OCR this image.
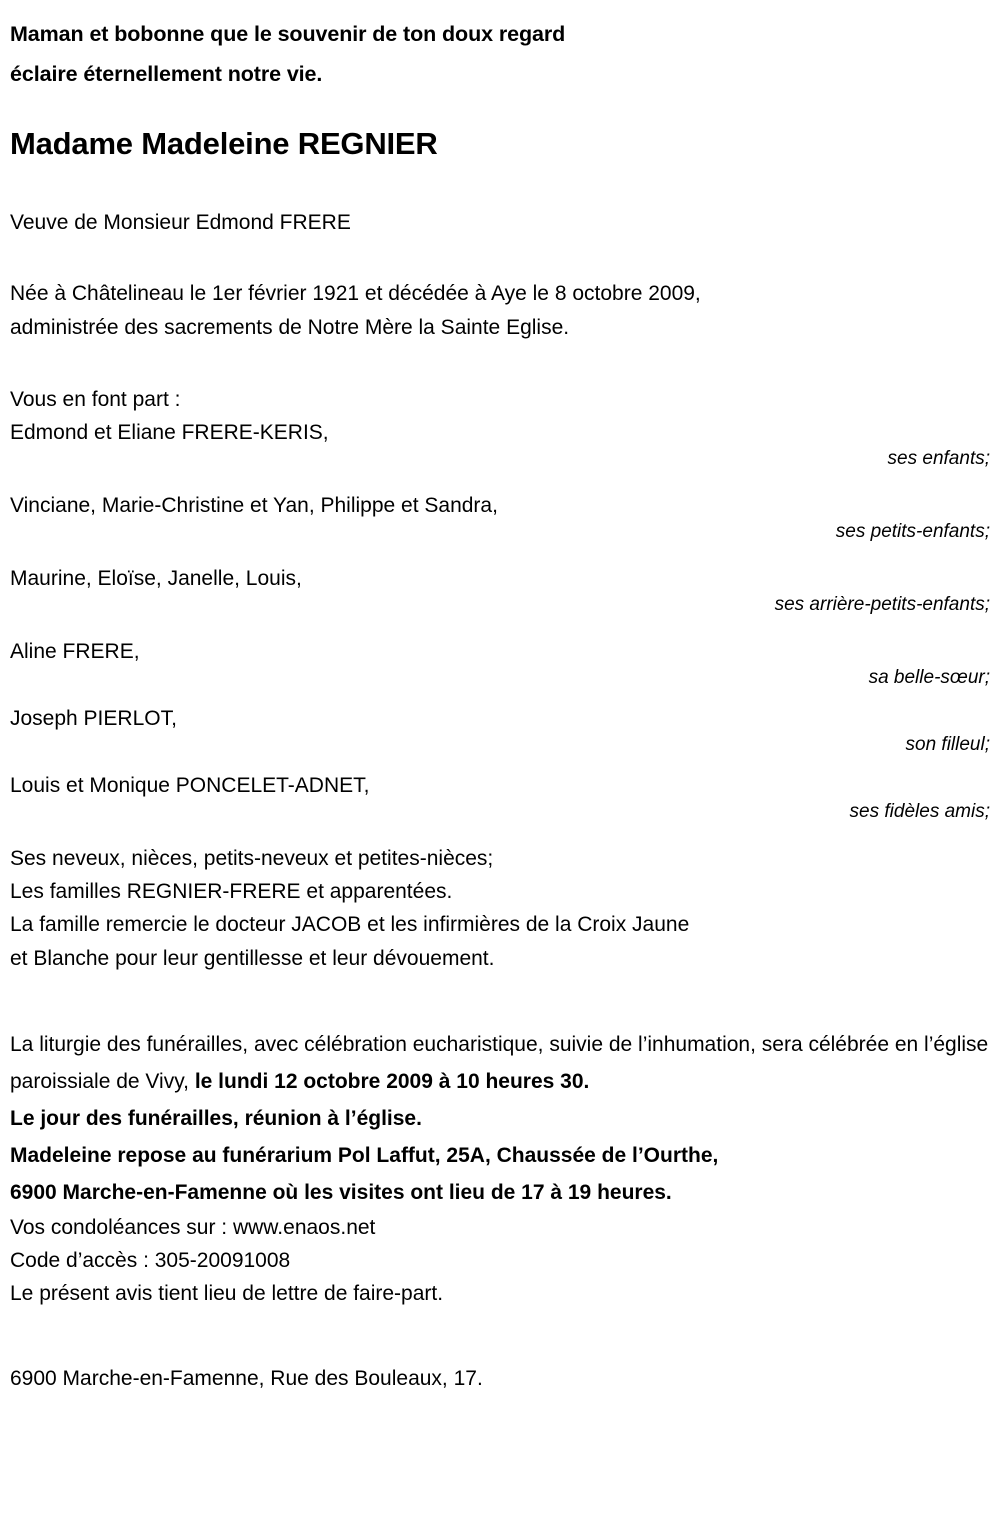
Maman et bobonne que le souvenir de ton doux regard
éclaire éternellement notre vie.
Madame Madeleine REGNIER
Veuve de Monsieur Edmond FRERE
Née à Châtelineau le 1er février 1921 et décédée à Aye le 8 octobre 2009,
administrée des sacrements de Notre Mère la Sainte Eglise.
Vous en font part :
Edmond et Eliane FRERE-KERIS,
ses enfants;
Vinciane, Marie-Christine et Yan, Philippe et Sandra,
ses petits-enfants;
Maurine, Eloïse, Janelle, Louis,
ses arrière-petits-enfants;
Aline FRERE,
sa belle-sœur;
Joseph PIERLOT,
son filleul;
Louis et Monique PONCELET-ADNET,
ses fidèles amis;
Ses neveux, nièces, petits-neveux et petites-nièces;
Les familles REGNIER-FRERE et apparentées.
La famille remercie le docteur JACOB et les infirmières de la Croix Jaune
et Blanche pour leur gentillesse et leur dévouement.
La liturgie des funérailles, avec célébration eucharistique, suivie de l’inhumation, sera célébrée en l’église paroissiale de Vivy, le lundi 12 octobre 2009 à 10 heures 30.
Le jour des funérailles, réunion à l’église.
Madeleine repose au funérarium Pol Laffut, 25A, Chaussée de l’Ourthe,
6900 Marche-en-Famenne où les visites ont lieu de 17 à 19 heures.
Vos condoléances sur : www.enaos.net
Code d’accès : 305-20091008
Le présent avis tient lieu de lettre de faire-part.
6900 Marche-en-Famenne, Rue des Bouleaux, 17.
